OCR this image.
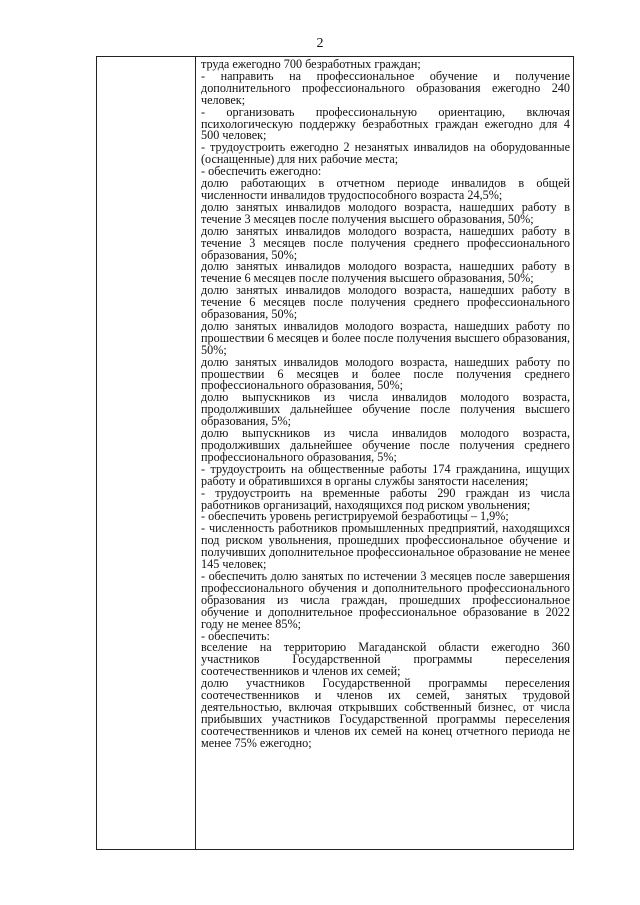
2

труда ежегодно 700 безработных граждан;

- направить на профессиональное обучение и получение дополнительного профессионального образования ежегодно 240 человек;

- организовать профессиональную ориентацию, включая психологическую поддержку безработных граждан ежегодно для 4 500 человек;

- трудоустроить ежегодно 2 незанятых инвалидов на оборудованные (оснащенные) для них рабочие места;

- обеспечить ежегодно:

долю работающих в отчетном периоде инвалидов в общей численности инвалидов трудоспособного возраста 24,5%;

долю занятых инвалидов молодого возраста, нашедших работу в течение 3 месяцев после получения высшего образования, 50%;

долю занятых инвалидов молодого возраста, нашедших работу в течение 3 месяцев после получения среднего профессионального образования, 50%;

долю занятых инвалидов молодого возраста, нашедших работу в течение 6 месяцев после получения высшего образования, 50%;

долю занятых инвалидов молодого возраста, нашедших работу в течение 6 месяцев после получения среднего профессионального образования, 50%;

долю занятых инвалидов молодого возраста, нашедших работу по прошествии 6 месяцев и более после получения высшего образования, 50%;

долю занятых инвалидов молодого возраста, нашедших работу по прошествии 6 месяцев и более после получения среднего профессионального образования, 50%;

долю выпускников из числа инвалидов молодого возраста, продолживших дальнейшее обучение после получения высшего образования, 5%;

долю выпускников из числа инвалидов молодого возраста, продолживших дальнейшее обучение после получения среднего профессионального образования, 5%;

- трудоустроить на общественные работы 174 гражданина, ищущих работу и обратившихся в органы службы занятости населения;

- трудоустроить на временные работы 290 граждан из числа работников организаций, находящихся под риском увольнения;

- обеспечить уровень регистрируемой безработицы – 1,9%;

- численность работников промышленных предприятий, находящихся под риском увольнения, прошедших профессиональное обучение и получивших дополнительное профессиональное образование не менее 145 человек;

- обеспечить долю занятых по истечении 3 месяцев после завершения профессионального обучения и дополнительного профессионального образования из числа граждан, прошедших профессиональное обучение и дополнительное профессиональное образование в 2022 году не менее 85%;

- обеспечить:

вселение на территорию Магаданской области ежегодно 360 участников Государственной программы переселения соотечественников и членов их семей;

долю участников Государственной программы переселения соотечественников и членов их семей, занятых трудовой деятельностью, включая открывших собственный бизнес, от числа прибывших участников Государственной программы переселения соотечественников и членов их семей на конец отчетного периода не менее 75% ежегодно;
